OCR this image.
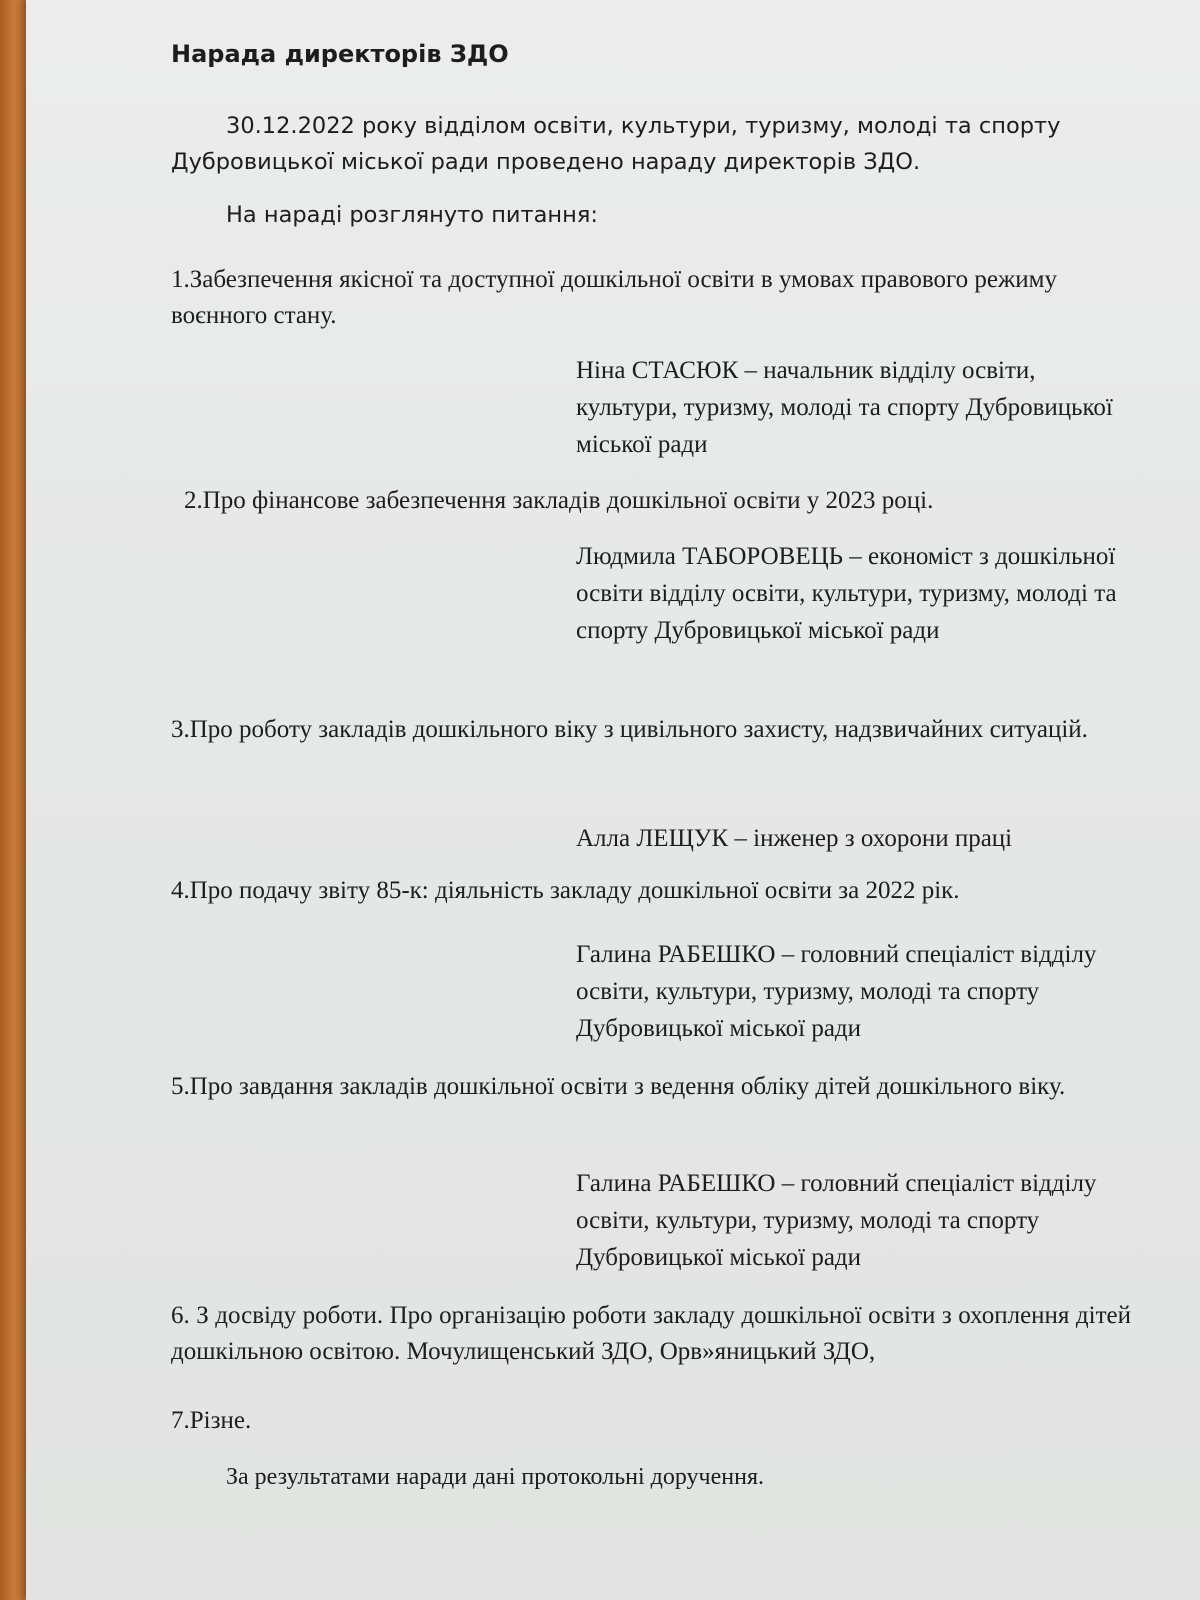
Нарада директорів ЗДО
30.12.2022 року відділом освіти, культури, туризму, молоді та спорту Дубровицької міської ради проведено нараду директорів ЗДО.
На нараді розглянуто питання:
1.Забезпечення якісної та доступної дошкільної освіти в умовах правового режиму воєнного стану.
Ніна СТАСЮК – начальник відділу освіти, культури, туризму, молоді та спорту Дубровицької міської ради
2.Про фінансове забезпечення закладів дошкільної освіти у 2023 році.
Людмила ТАБОРОВЕЦЬ – економіст з дошкільної освіти відділу освіти, культури, туризму, молоді та спорту Дубровицької міської ради
3.Про роботу закладів дошкільного віку з цивільного захисту, надзвичайних ситуацій.
Алла ЛЕЩУК – інженер з охорони праці
4.Про подачу звіту 85-к: діяльність закладу дошкільної освіти за 2022 рік.
Галина РАБЕШКО – головний спеціаліст відділу освіти, культури, туризму, молоді та спорту Дубровицької міської ради
5.Про завдання закладів дошкільної освіти з ведення обліку дітей дошкільного віку.
Галина РАБЕШКО – головний спеціаліст відділу освіти, культури, туризму, молоді та спорту Дубровицької міської ради
6. З досвіду роботи. Про організацію роботи закладу дошкільної освіти з охоплення дітей дошкільною освітою. Мочулищенський ЗДО, Орв»яницький ЗДО,
7.Різне.
За результатами наради дані протокольні доручення.
